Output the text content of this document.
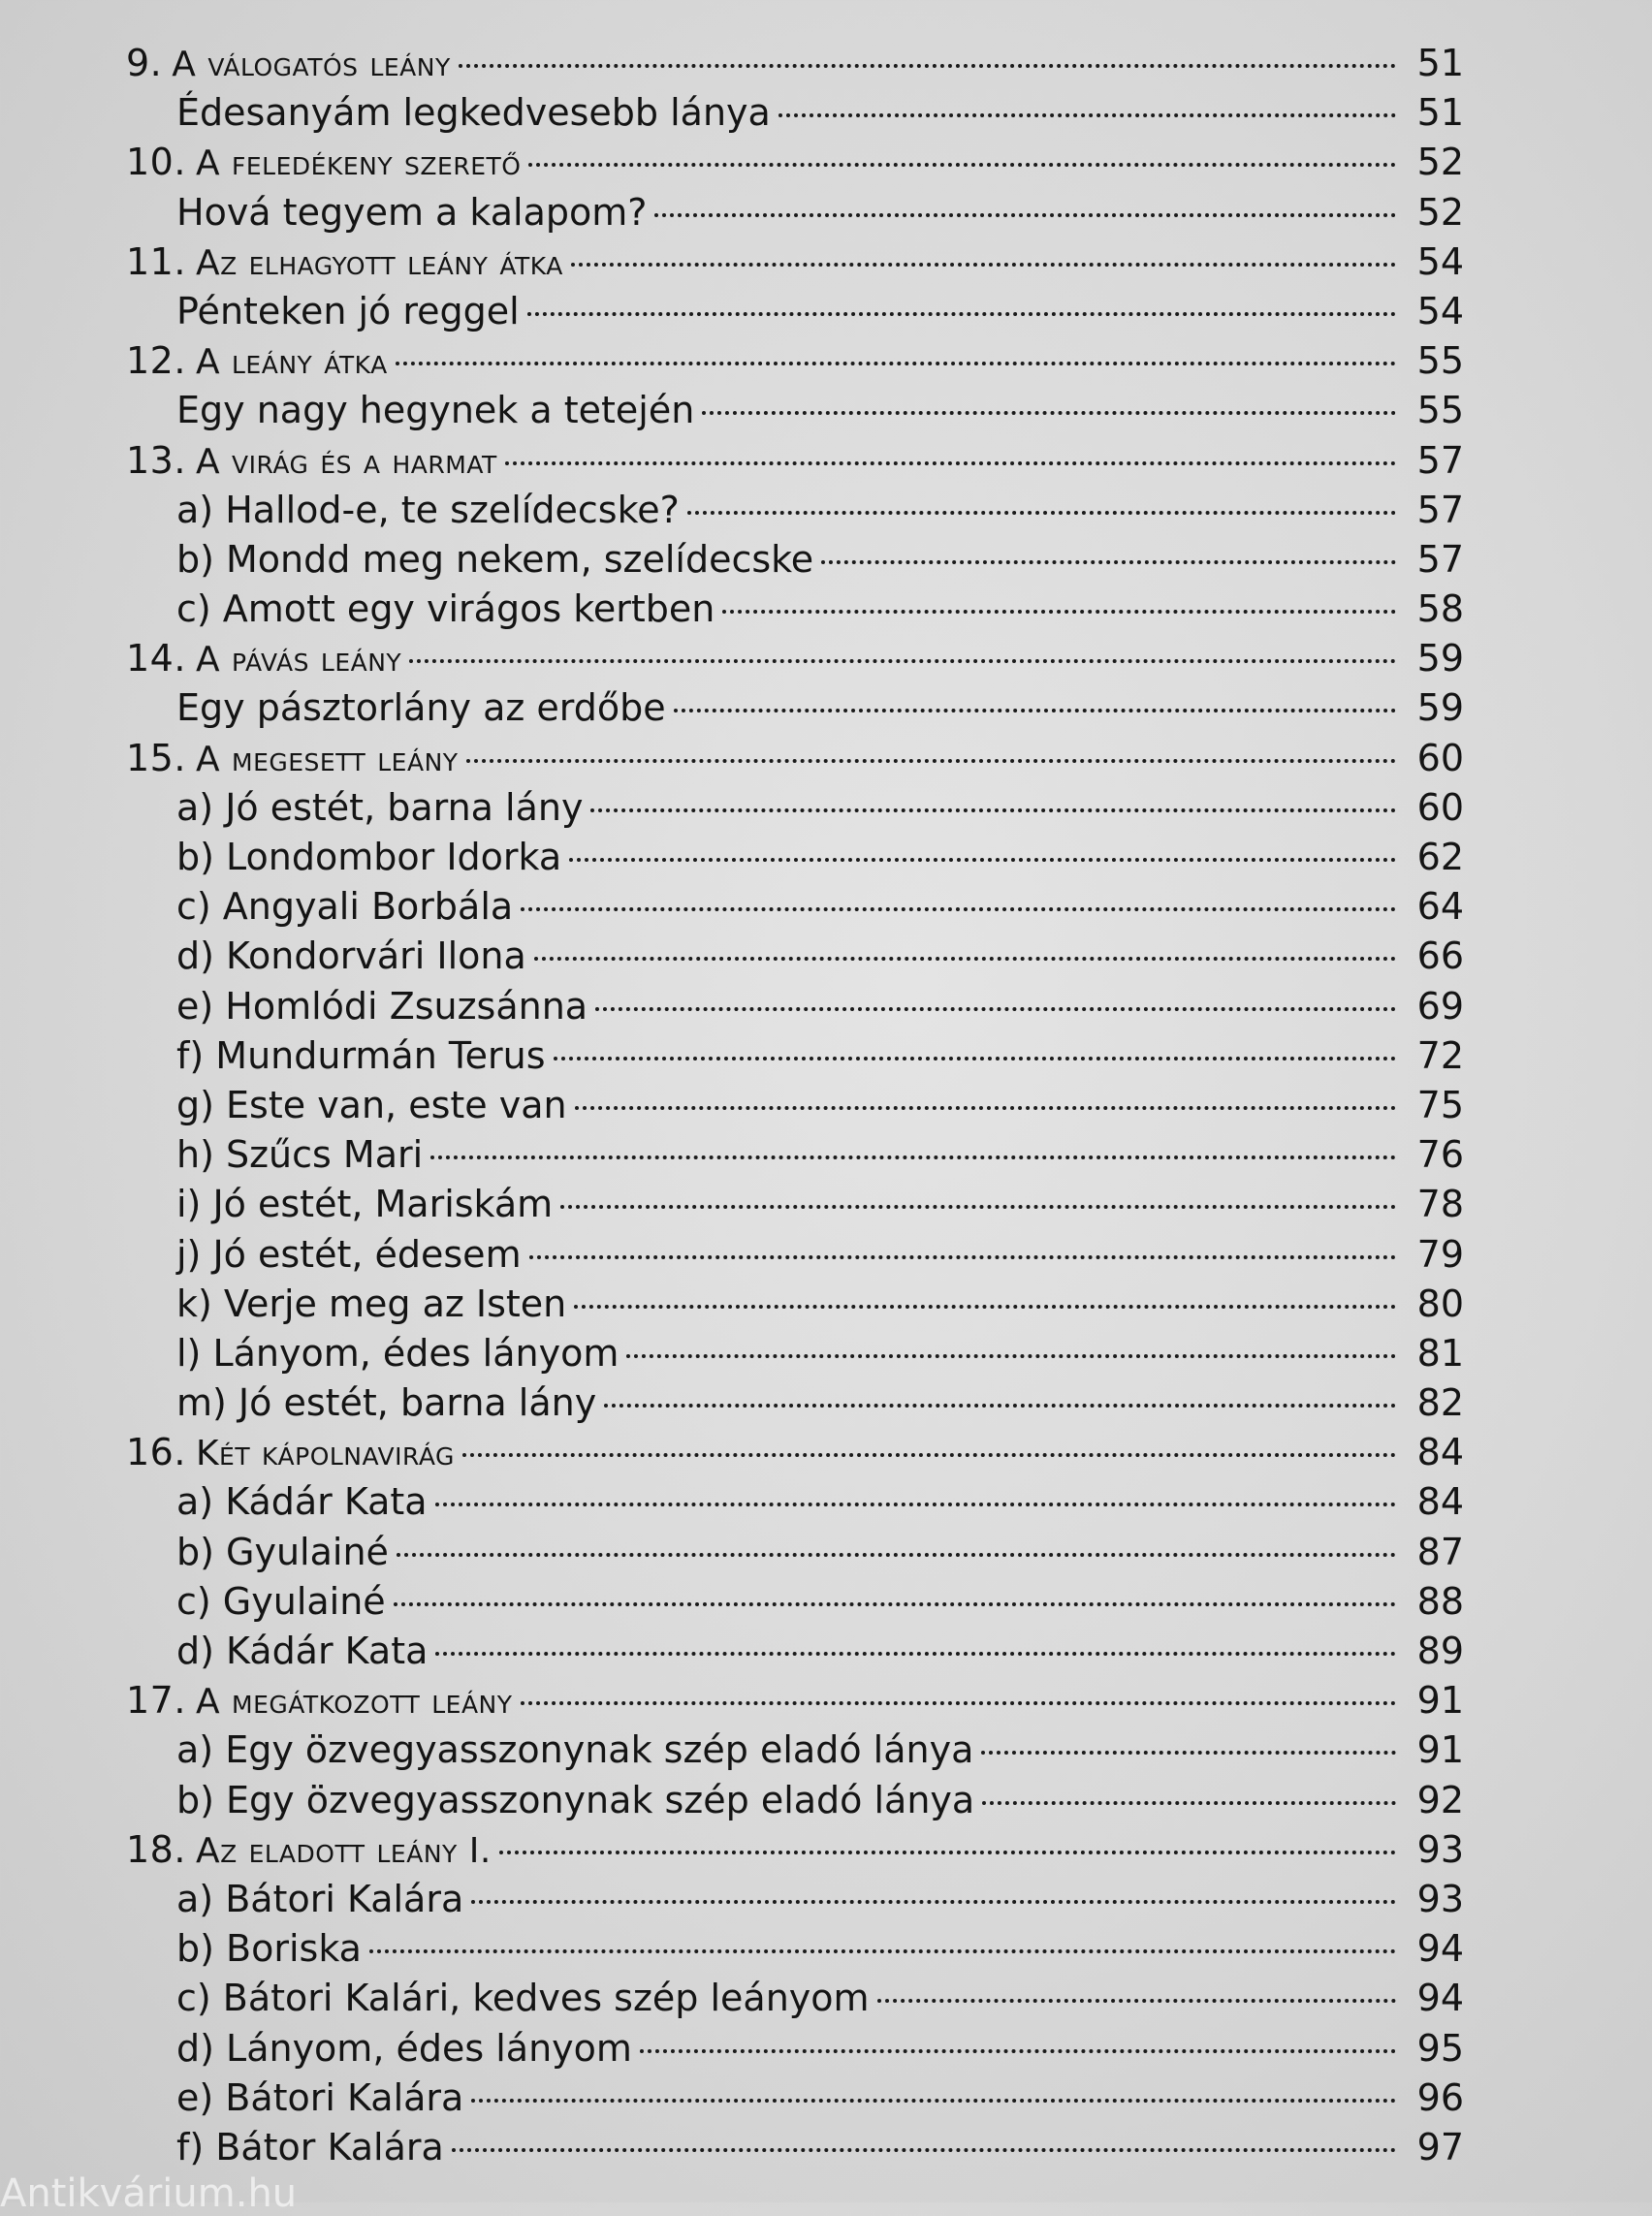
9. A válogatós leány	51
Édesanyám legkedvesebb lánya	51
10. A feledékeny szerető	52
Hová tegyem a kalapom?	52
11. Az elhagyott leány átka	54
Pénteken jó reggel	54
12. A leány átka	55
Egy nagy hegynek a tetején	55
13. A virág és a harmat	57
a) Hallod-e, te szelídecske?	57
b) Mondd meg nekem, szelídecske	57
c) Amott egy virágos kertben	58
14. A pávás leány	59
Egy pásztorlány az erdőbe	59
15. A megesett leány	60
a) Jó estét, barna lány	60
b) Londombor Idorka	62
c) Angyali Borbála	64
d) Kondorvári Ilona	66
e) Homlódi Zsuzsánna	69
f) Mundurmán Terus	72
g) Este van, este van	75
h) Szűcs Mari	76
i) Jó estét, Mariskám	78
j) Jó estét, édesem	79
k) Verje meg az Isten	80
l) Lányom, édes lányom	81
m) Jó estét, barna lány	82
16. Két kápolnavirág	84
a) Kádár Kata	84
b) Gyulainé	87
c) Gyulainé	88
d) Kádár Kata	89
17. A megátkozott leány	91
a) Egy özvegyasszonynak szép eladó lánya	91
b) Egy özvegyasszonynak szép eladó lánya	92
18. Az eladott leány I.	93
a) Bátori Kalára	93
b) Boriska	94
c) Bátori Kalári, kedves szép leányom	94
d) Lányom, édes lányom	95
e) Bátori Kalára	96
f) Bátor Kalára	97
Antikvárium.hu
